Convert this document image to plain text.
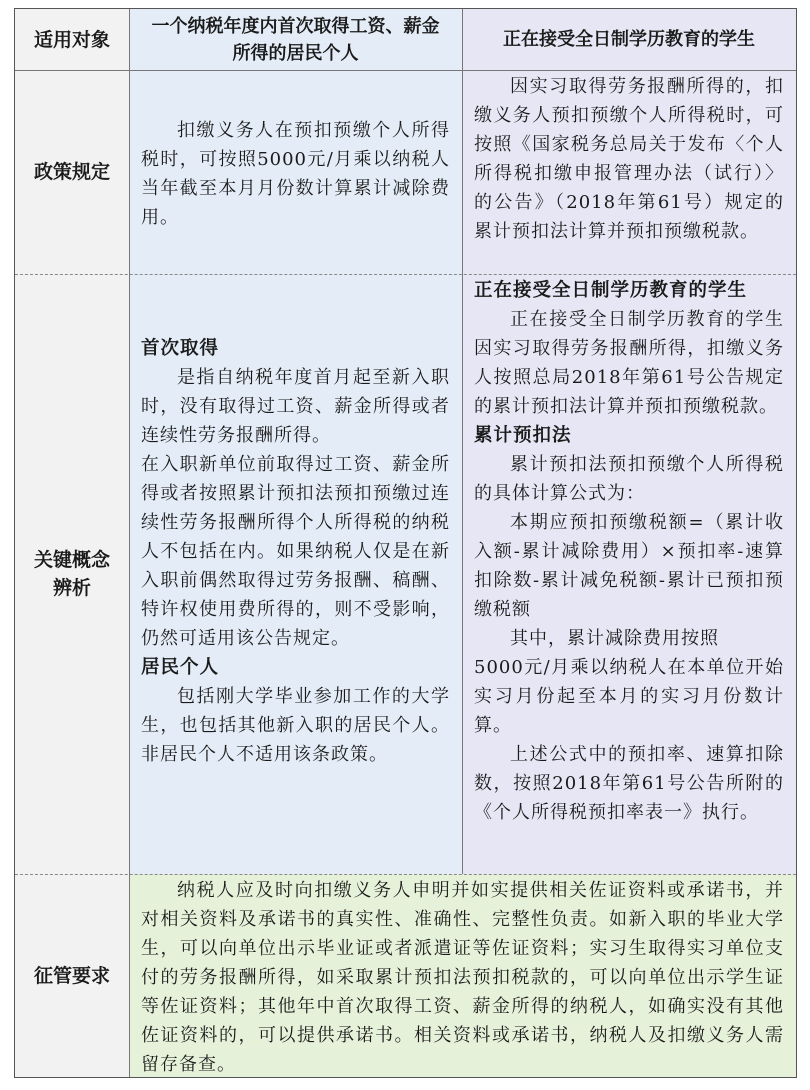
适用对象
一个纳税年度内首次取得工资、薪金所得的居民个人
正在接受全日制学历教育的学生
政策规定

扣缴义务人在预扣预缴个人所得税时，可按照5000元/月乘以纳税人当年截至本月月份数计算累计减除费用。

因实习取得劳务报酬所得的，扣缴义务人预扣预缴个人所得税时，可按照《国家税务总局关于发布〈个人所得税扣缴申报管理办法（试行）〉的公告》（2018年第61号）规定的累计预扣法计算并预扣预缴税款。

关键概念
辨析
首次取得

是指自纳税年度首月起至新入职时，没有取得过工资、薪金所得或者连续性劳务报酬所得。

在入职新单位前取得过工资、薪金所得或者按照累计预扣法预扣预缴过连续性劳务报酬所得个人所得税的纳税人不包括在内。如果纳税人仅是在新入职前偶然取得过劳务报酬、稿酬、特许权使用费所得的，则不受影响，仍然可适用该公告规定。

居民个人

包括刚大学毕业参加工作的大学生，也包括其他新入职的居民个人。非居民个人不适用该条政策。

正在接受全日制学历教育的学生

正在接受全日制学历教育的学生因实习取得劳务报酬所得，扣缴义务人按照总局2018年第61号公告规定的累计预扣法计算并预扣预缴税款。

累计预扣法

累计预扣法预扣预缴个人所得税的具体计算公式为：

本期应预扣预缴税额=（累计收入额-累计减除费用）×预扣率-速算扣除数-累计减免税额-累计已预扣预缴税额

其中，累计减除费用按照

5000元/月乘以纳税人在本单位开始实习月份起至本月的实习月份数计算。

上述公式中的预扣率、速算扣除数，按照2018年第61号公告所附的《个人所得税预扣率表一》执行。

征管要求

纳税人应及时向扣缴义务人申明并如实提供相关佐证资料或承诺书，并对相关资料及承诺书的真实性、准确性、完整性负责。如新入职的毕业大学生，可以向单位出示毕业证或者派遣证等佐证资料；实习生取得实习单位支付的劳务报酬所得，如采取累计预扣法预扣税款的，可以向单位出示学生证等佐证资料；其他年中首次取得工资、薪金所得的纳税人，如确实没有其他佐证资料的，可以提供承诺书。相关资料或承诺书，纳税人及扣缴义务人需留存备查。
